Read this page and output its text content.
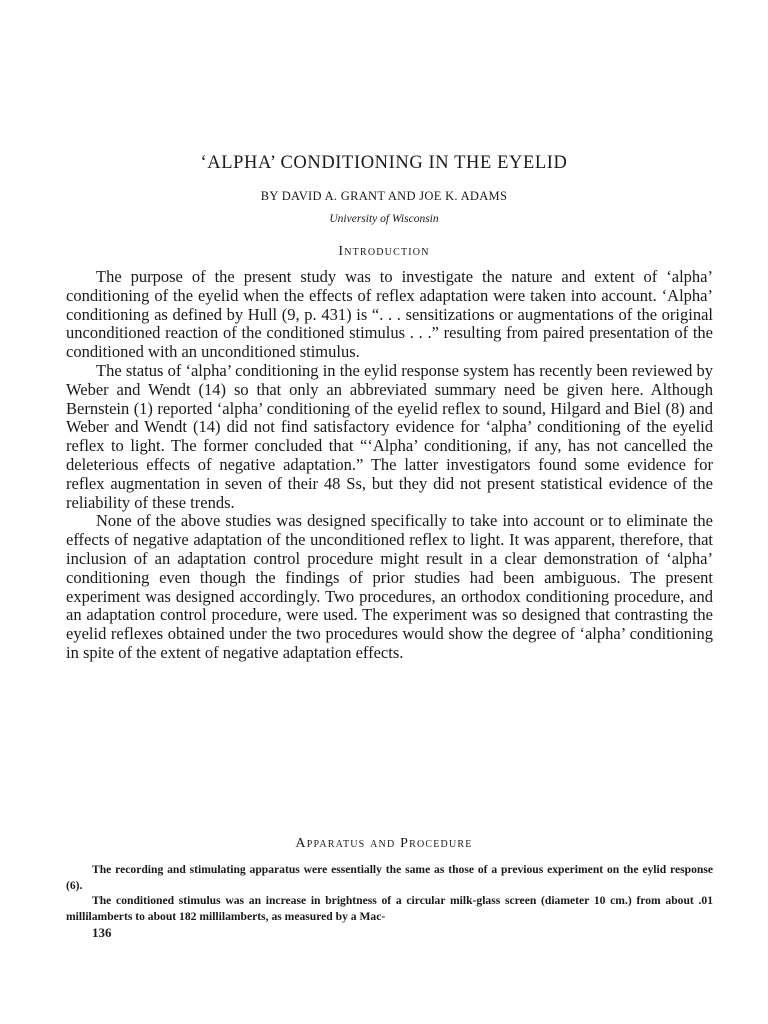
‘ALPHA’ CONDITIONING IN THE EYELID
BY DAVID A. GRANT AND JOE K. ADAMS
University of Wisconsin
Introduction

The purpose of the present study was to investigate the nature and extent of ‘alpha’ conditioning of the eyelid when the effects of reflex adaptation were taken into account. ‘Alpha’ conditioning as defined by Hull (9, p. 431) is “. . . sensitizations or augmentations of the original unconditioned reaction of the conditioned stimulus . . .” resulting from paired presentation of the conditioned with an unconditioned stimulus.

The status of ‘alpha’ conditioning in the eylid response system has recently been reviewed by Weber and Wendt (14) so that only an abbreviated summary need be given here. Although Bernstein (1) reported ‘alpha’ conditioning of the eyelid reflex to sound, Hilgard and Biel (8) and Weber and Wendt (14) did not find satisfactory evidence for ‘alpha’ conditioning of the eyelid reflex to light. The former concluded that “‘Alpha’ conditioning, if any, has not cancelled the deleterious effects of negative adaptation.” The latter investigators found some evidence for reflex augmentation in seven of their 48 Ss, but they did not present statistical evidence of the reliability of these trends.

None of the above studies was designed specifically to take into account or to eliminate the effects of negative adaptation of the unconditioned reflex to light. It was apparent, therefore, that inclusion of an adaptation control procedure might result in a clear demonstration of ‘alpha’ conditioning even though the findings of prior studies had been ambiguous. The present experiment was designed accordingly. Two procedures, an orthodox conditioning procedure, and an adaptation control procedure, were used. The experiment was so designed that contrasting the eyelid reflexes obtained under the two procedures would show the degree of ‘alpha’ conditioning in spite of the extent of negative adaptation effects.

Apparatus and Procedure

The recording and stimulating apparatus were essentially the same as those of a previous experiment on the eylid response (6).

The conditioned stimulus was an increase in brightness of a circular milk-glass screen (diameter 10 cm.) from about .01 millilamberts to about 182 millilamberts, as measured by a Mac-

136
